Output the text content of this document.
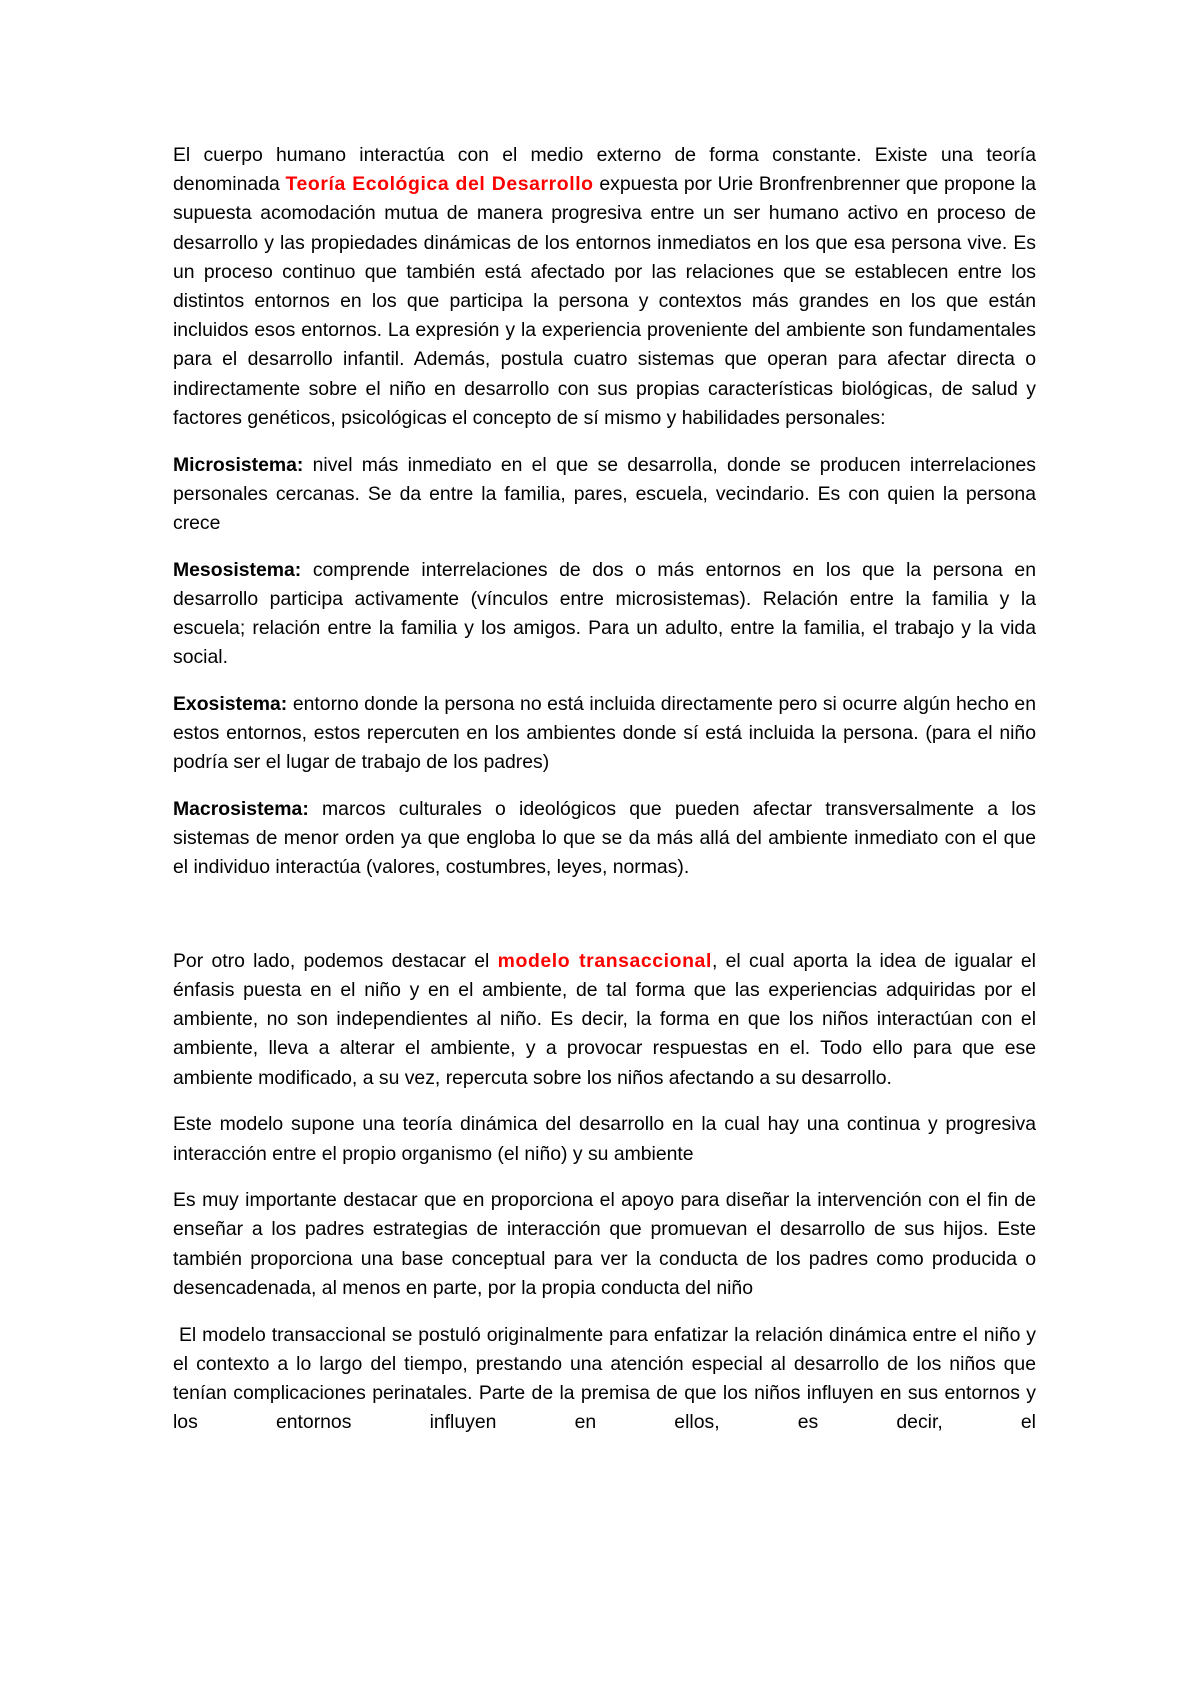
El cuerpo humano interactúa con el medio externo de forma constante. Existe una teoría denominada Teoría Ecológica del Desarrollo expuesta por Urie Bronfrenbrenner que propone la supuesta acomodación mutua de manera progresiva entre un ser humano activo en proceso de desarrollo y las propiedades dinámicas de los entornos inmediatos en los que esa persona vive. Es un proceso continuo que también está afectado por las relaciones que se establecen entre los distintos entornos en los que participa la persona y contextos más grandes en los que están incluidos esos entornos. La expresión y la experiencia proveniente del ambiente son fundamentales para el desarrollo infantil. Además, postula cuatro sistemas que operan para afectar directa o indirectamente sobre el niño en desarrollo con sus propias características biológicas, de salud y factores genéticos, psicológicas el concepto de sí mismo y habilidades personales:

Microsistema: nivel más inmediato en el que se desarrolla, donde se producen interrelaciones personales cercanas. Se da entre la familia, pares, escuela, vecindario. Es con quien la persona crece

Mesosistema: comprende interrelaciones de dos o más entornos en los que la persona en desarrollo participa activamente (vínculos entre microsistemas). Relación entre la familia y la escuela; relación entre la familia y los amigos. Para un adulto, entre la familia, el trabajo y la vida social.

Exosistema: entorno donde la persona no está incluida directamente pero si ocurre algún hecho en estos entornos, estos repercuten en los ambientes donde sí está incluida la persona. (para el niño podría ser el lugar de trabajo de los padres)

Macrosistema: marcos culturales o ideológicos que pueden afectar transversalmente a los sistemas de menor orden ya que engloba lo que se da más allá del ambiente inmediato con el que el individuo interactúa (valores, costumbres, leyes, normas).

Por otro lado, podemos destacar el modelo transaccional, el cual aporta la idea de igualar el énfasis puesta en el niño y en el ambiente, de tal forma que las experiencias adquiridas por el ambiente, no son independientes al niño. Es decir, la forma en que los niños interactúan con el ambiente, lleva a alterar el ambiente, y a provocar respuestas en el. Todo ello para que ese ambiente modificado, a su vez, repercuta sobre los niños afectando a su desarrollo.

Este modelo supone una teoría dinámica del desarrollo en la cual hay una continua y progresiva interacción entre el propio organismo (el niño) y su ambiente

Es muy importante destacar que en proporciona el apoyo para diseñar la intervención con el fin de enseñar a los padres estrategias de interacción que promuevan el desarrollo de sus hijos. Este también proporciona una base conceptual para ver la conducta de los padres como producida o desencadenada, al menos en parte, por la propia conducta del niño

El modelo transaccional se postuló originalmente para enfatizar la relación dinámica entre el niño y el contexto a lo largo del tiempo, prestando una atención especial al desarrollo de los niños que tenían complicaciones perinatales. Parte de la premisa de que los niños influyen en sus entornos y los entornos influyen en ellos, es decir, el
